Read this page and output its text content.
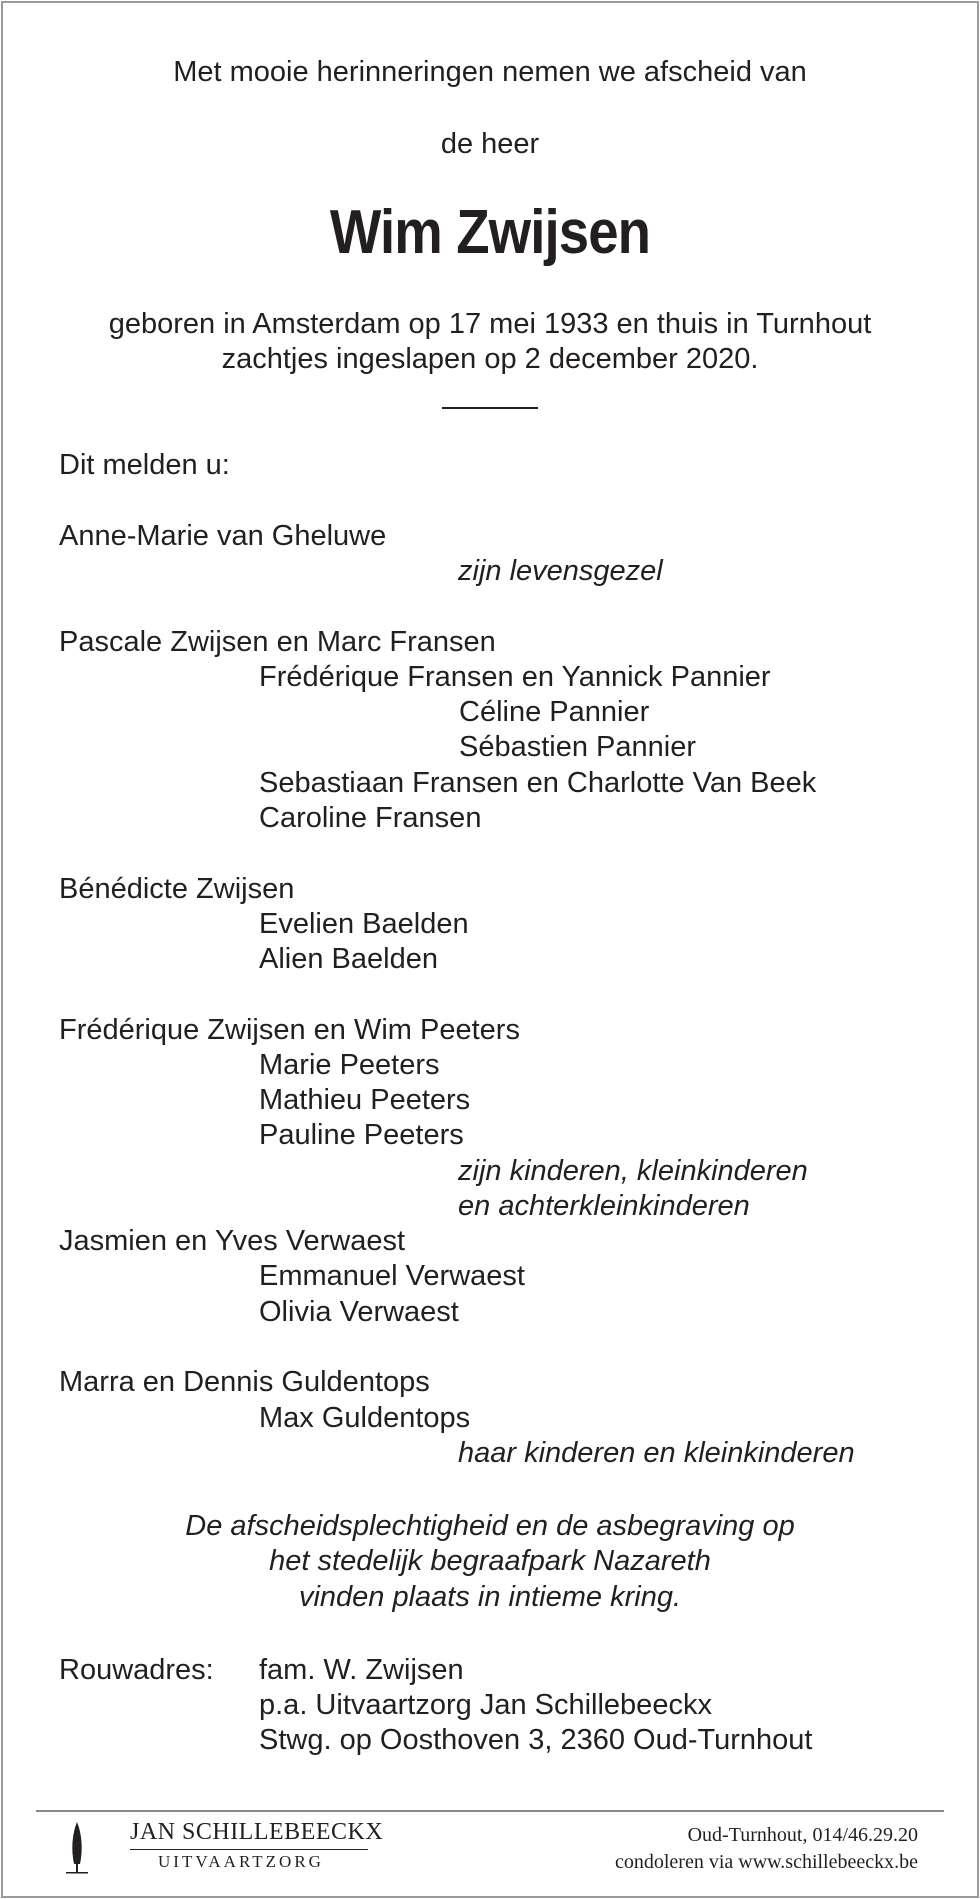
Met mooie herinneringen nemen we afscheid van
de heer
Wim Zwijsen
geboren in Amsterdam op 17 mei 1933 en thuis in Turnhout
zachtjes ingeslapen op 2 december 2020.
Dit melden u:
Anne-Marie van Gheluwe
zijn levensgezel
Pascale Zwijsen en Marc Fransen
Frédérique Fransen en Yannick Pannier
Céline Pannier
Sébastien Pannier
Sebastiaan Fransen en Charlotte Van Beek
Caroline Fransen
Bénédicte Zwijsen
Evelien Baelden
Alien Baelden
Frédérique Zwijsen en Wim Peeters
Marie Peeters
Mathieu Peeters
Pauline Peeters
zijn kinderen, kleinkinderen
en achterkleinkinderen
Jasmien en Yves Verwaest
Emmanuel Verwaest
Olivia Verwaest
Marra en Dennis Guldentops
Max Guldentops
haar kinderen en kleinkinderen
De afscheidsplechtigheid en de asbegraving op
het stedelijk begraafpark Nazareth
vinden plaats in intieme kring.
Rouwadres: fam. W. Zwijsen
p.a. Uitvaartzorg Jan Schillebeeckx
Stwg. op Oosthoven 3, 2360 Oud-Turnhout
JAN SCHILLEBEECKX
UITVAARTZORG
Oud-Turnhout, 014/46.29.20
condoleren via www.schillebeeckx.be
